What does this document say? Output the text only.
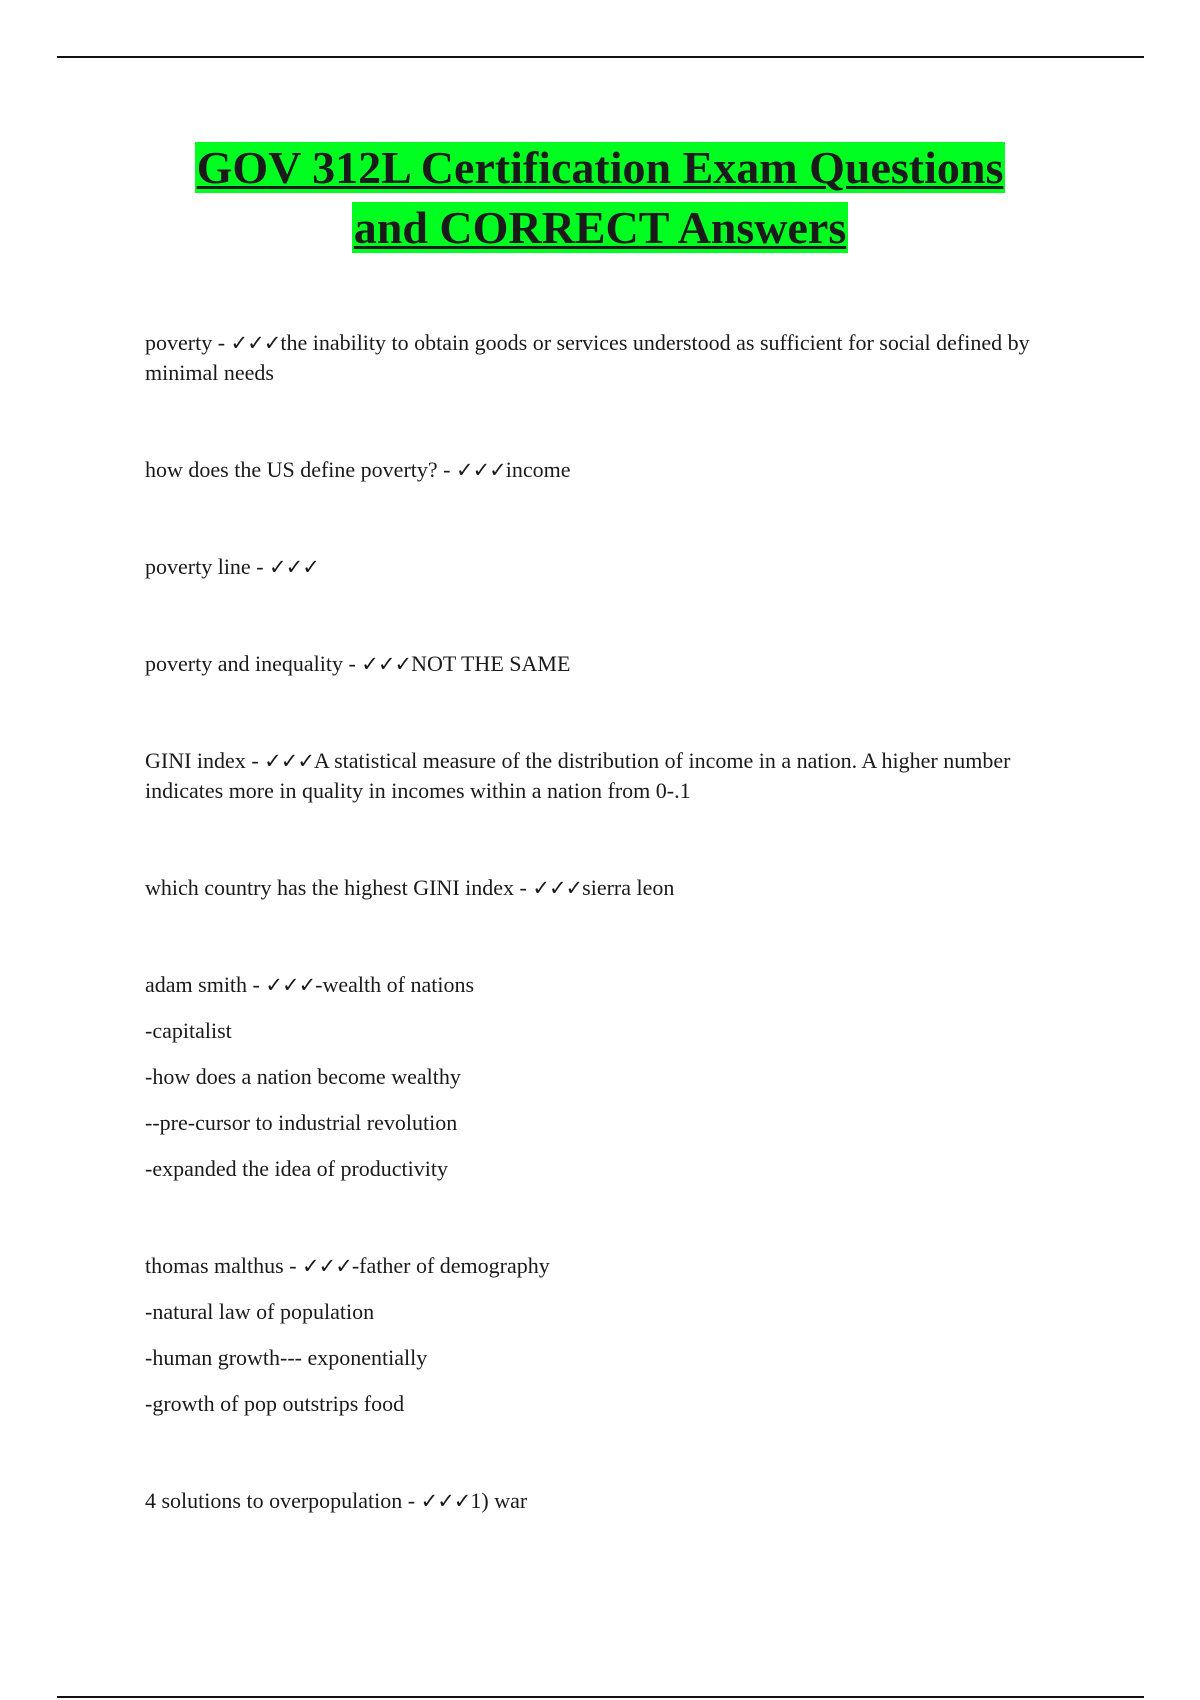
GOV 312L Certification Exam Questions
and CORRECT Answers

poverty - ✓✓✓the inability to obtain goods or services understood as sufficient for social defined by minimal needs

how does the US define poverty? - ✓✓✓income

poverty line - ✓✓✓

poverty and inequality - ✓✓✓NOT THE SAME

GINI index - ✓✓✓A statistical measure of the distribution of income in a nation. A higher number indicates more in quality in incomes within a nation from 0-.1

which country has the highest GINI index - ✓✓✓sierra leon

adam smith - ✓✓✓-wealth of nations

-capitalist

-how does a nation become wealthy

--pre-cursor to industrial revolution

-expanded the idea of productivity

thomas malthus - ✓✓✓-father of demography

-natural law of population

-human growth--- exponentially

-growth of pop outstrips food

4 solutions to overpopulation - ✓✓✓1) war
